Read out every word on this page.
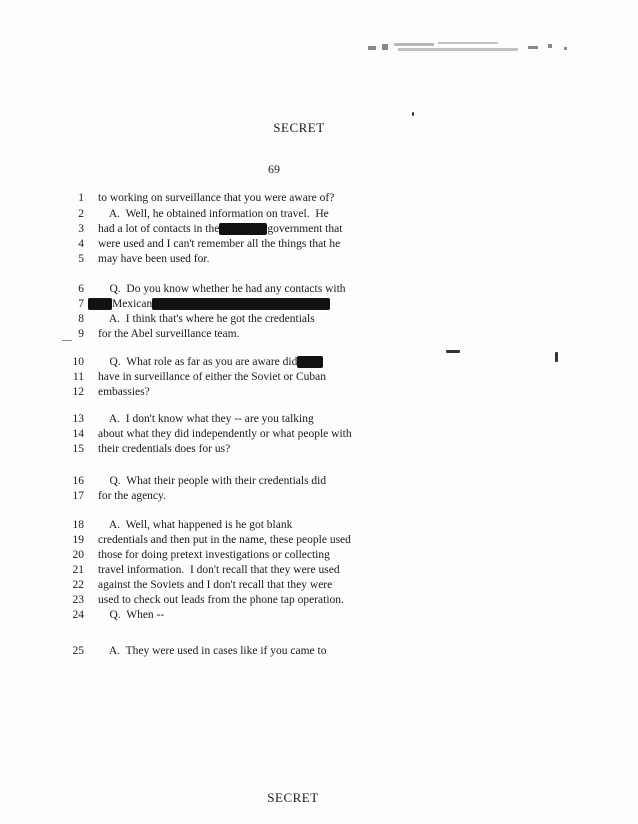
SECRET
69
1 to working on surveillance that you were aware of?
2 A.  Well, he obtained information on travel.  He
3 had a lot of contacts in the	government that
4 were used and I can't remember all the things that he
5 may have been used for.
6 Q.  Do you know whether he had any contacts with
7	Mexican
8 A.  I think that's where he got the credentials
9 for the Abel surveillance team.
10 Q.  What role as far as you are aware did
11 have in surveillance of either the Soviet or Cuban
12 embassies?
13 A.  I don't know what they -- are you talking
14 about what they did independently or what people with
15 their credentials does for us?
16 Q.  What their people with their credentials did
17 for the agency.
18 A.  Well, what happened is he got blank
19 credentials and then put in the name, these people used
20 those for doing pretext investigations or collecting
21 travel information.  I don't recall that they were used
22 against the Soviets and I don't recall that they were
23 used to check out leads from the phone tap operation.
24 Q.  When --
25 A.  They were used in cases like if you came to
SECRET
